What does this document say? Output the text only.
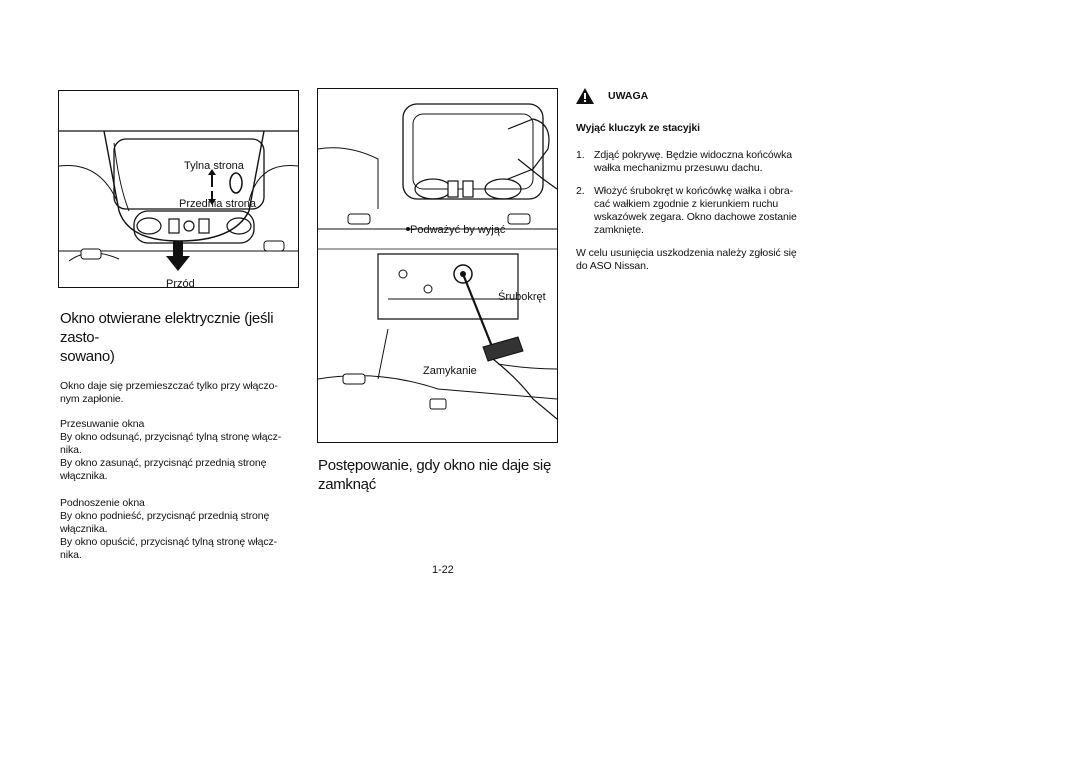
Tylna strona
Przednia strona
Przód
Okno otwierane elektrycznie (jeśli zasto-
sowano)
Okno daje się przemieszczać tylko przy włączo-
nym zapłonie.
Przesuwanie okna
By okno odsunąć, przycisnąć tylną stronę włącz-
nika.
By okno zasunąć, przycisnąć przednią stronę
włącznika.
Podnoszenie okna
By okno podnieść, przycisnąć przednią stronę
włącznika.
By okno opuścić, przycisnąć tylną stronę włącz-
nika.
Podważyć by wyjąć
Śrubokręt
Zamykanie
Postępowanie, gdy okno nie daje się
zamknąć
UWAGA
Wyjąć kluczyk ze stacyjki
1. Zdjąć pokrywę. Będzie widoczna końcówka
wałka mechanizmu przesuwu dachu.
2. Włożyć śrubokręt w końcówkę wałka i obra-
cać wałkiem zgodnie z kierunkiem ruchu
wskazówek zegara. Okno dachowe zostanie
zamknięte.
W celu usunięcia uszkodzenia należy zgłosić się
do ASO Nissan.
1-22
